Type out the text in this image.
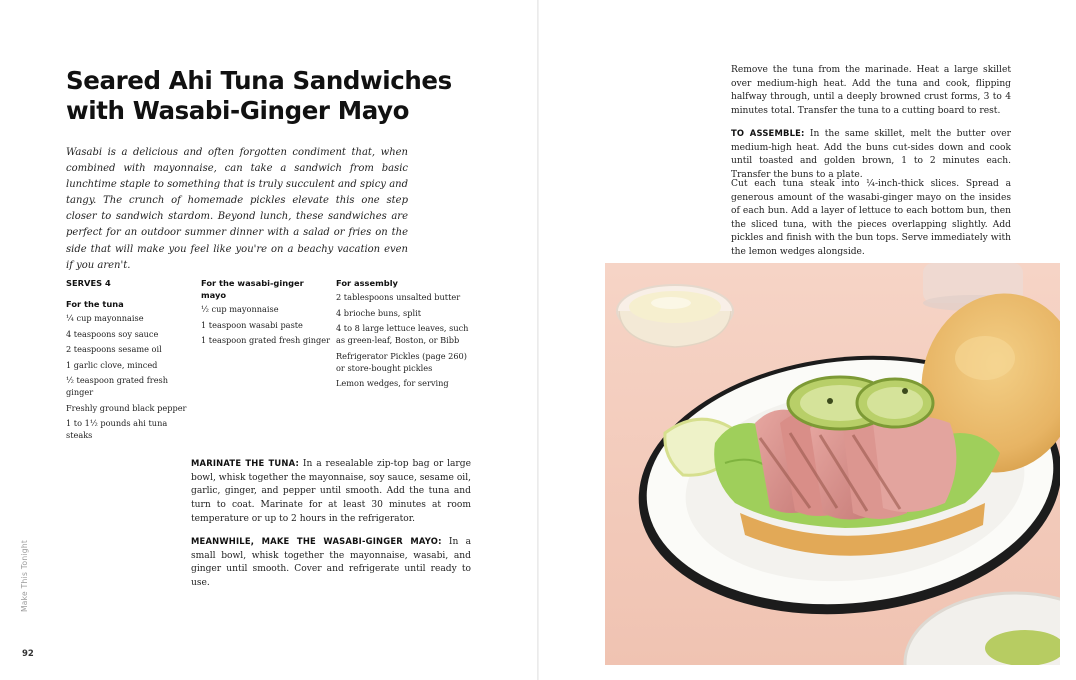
Seared Ahi Tuna Sandwiches
with Wasabi-Ginger Mayo

Wasabi is a delicious and often forgotten condiment that, when combined with mayonnaise, can take a sandwich from basic lunchtime staple to something that is truly succulent and spicy and tangy. The crunch of homemade pickles elevate this one step closer to sandwich stardom. Beyond lunch, these sandwiches are perfect for an outdoor summer dinner with a salad or fries on the side that will make you feel like you're on a beachy vacation even if you aren't.

SERVES 4
For the tuna
¼ cup mayonnaise
4 teaspoons soy sauce
2 teaspoons sesame oil
1 garlic clove, minced
½ teaspoon grated fresh ginger
Freshly ground black pepper
1 to 1½ pounds ahi tuna steaks
For the wasabi-ginger mayo
½ cup mayonnaise
1 teaspoon wasabi paste
1 teaspoon grated fresh ginger
For assembly
2 tablespoons unsalted butter
4 brioche buns, split
4 to 8 large lettuce leaves, such as green-leaf, Boston, or Bibb
Refrigerator Pickles (page 260) or store-bought pickles
Lemon wedges, for serving

MARINATE THE TUNA: In a resealable zip-top bag or large bowl, whisk together the mayonnaise, soy sauce, sesame oil, garlic, ginger, and pepper until smooth. Add the tuna and turn to coat. Marinate for at least 30 minutes at room temperature or up to 2 hours in the refrigerator.

MEANWHILE, MAKE THE WASABI-GINGER MAYO: In a small bowl, whisk together the mayonnaise, wasabi, and ginger until smooth. Cover and refrigerate until ready to use.

Remove the tuna from the marinade. Heat a large skillet over medium-high heat. Add the tuna and cook, flipping halfway through, until a deeply browned crust forms, 3 to 4 minutes total. Transfer the tuna to a cutting board to rest.

TO ASSEMBLE: In the same skillet, melt the butter over medium-high heat. Add the buns cut-sides down and cook until toasted and golden brown, 1 to 2 minutes each. Transfer the buns to a plate.

Cut each tuna steak into ¼-inch-thick slices. Spread a generous amount of the wasabi-ginger mayo on the insides of each bun. Add a layer of lettuce to each bottom bun, then the sliced tuna, with the pieces overlapping slightly. Add pickles and finish with the bun tops. Serve immediately with the lemon wedges alongside.

Make This Tonight
92
